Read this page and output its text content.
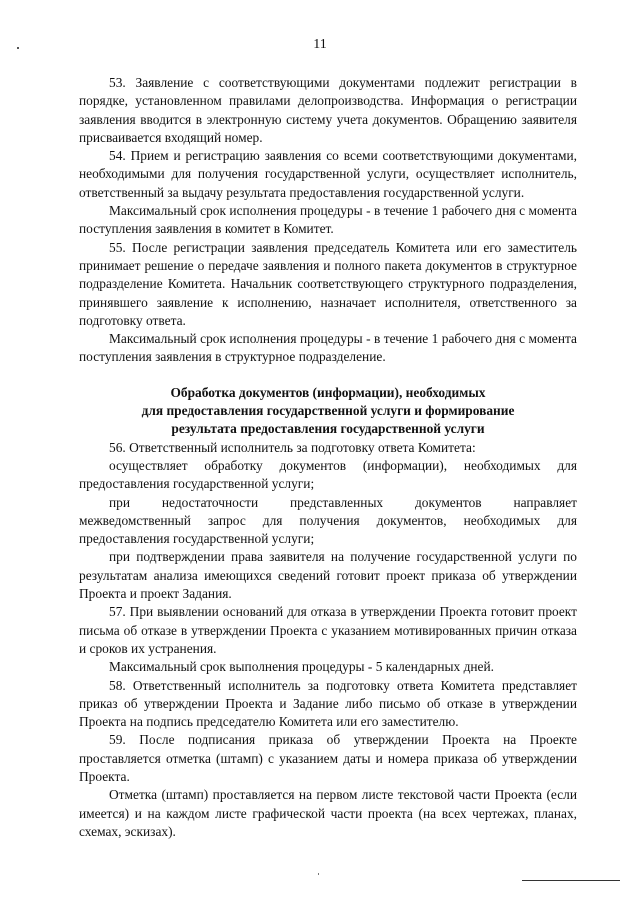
11

53. Заявление с соответствующими документами подлежит регистрации в порядке, установленном правилами делопроизводства. Информация о регистрации заявления вводится в электронную систему учета документов. Обращению заявителя присваивается входящий номер.

54. Прием и регистрацию заявления со всеми соответствующими документами, необходимыми для получения государственной услуги, осуществляет исполнитель, ответственный за выдачу результата предоставления государственной услуги.

Максимальный срок исполнения процедуры - в течение 1 рабочего дня с момента поступления заявления в комитет в Комитет.

55. После регистрации заявления председатель Комитета или его заместитель принимает решение о передаче заявления и полного пакета документов в структурное подразделение Комитета. Начальник соответствующего структурного подразделения, принявшего заявление к исполнению, назначает исполнителя, ответственного за подготовку ответа.

Максимальный срок исполнения процедуры - в течение 1 рабочего дня с момента поступления заявления в структурное подразделение.

Обработка документов (информации), необходимых
для предоставления государственной услуги и формирование
результата предоставления государственной услуги

56. Ответственный исполнитель за подготовку ответа Комитета:

осуществляет обработку документов (информации), необходимых для предоставления государственной услуги;

при недостаточности представленных документов направляет межведомственный запрос для получения документов, необходимых для предоставления государственной услуги;

при подтверждении права заявителя на получение государственной услуги по результатам анализа имеющихся сведений готовит проект приказа об утверждении Проекта и проект Задания.

57. При выявлении оснований для отказа в утверждении Проекта готовит проект письма об отказе в утверждении Проекта с указанием мотивированных причин отказа и сроков их устранения.

Максимальный срок выполнения процедуры - 5 календарных дней.

58. Ответственный исполнитель за подготовку ответа Комитета представляет приказ об утверждении Проекта и Задание либо письмо об отказе в утверждении Проекта на подпись председателю Комитета или его заместителю.

59. После подписания приказа об утверждении Проекта на Проекте проставляется отметка (штамп) с указанием даты и номера приказа об утверждении Проекта.

Отметка (штамп) проставляется на первом листе текстовой части Проекта (если имеется) и на каждом листе графической части проекта (на всех чертежах, планах, схемах, эскизах).
